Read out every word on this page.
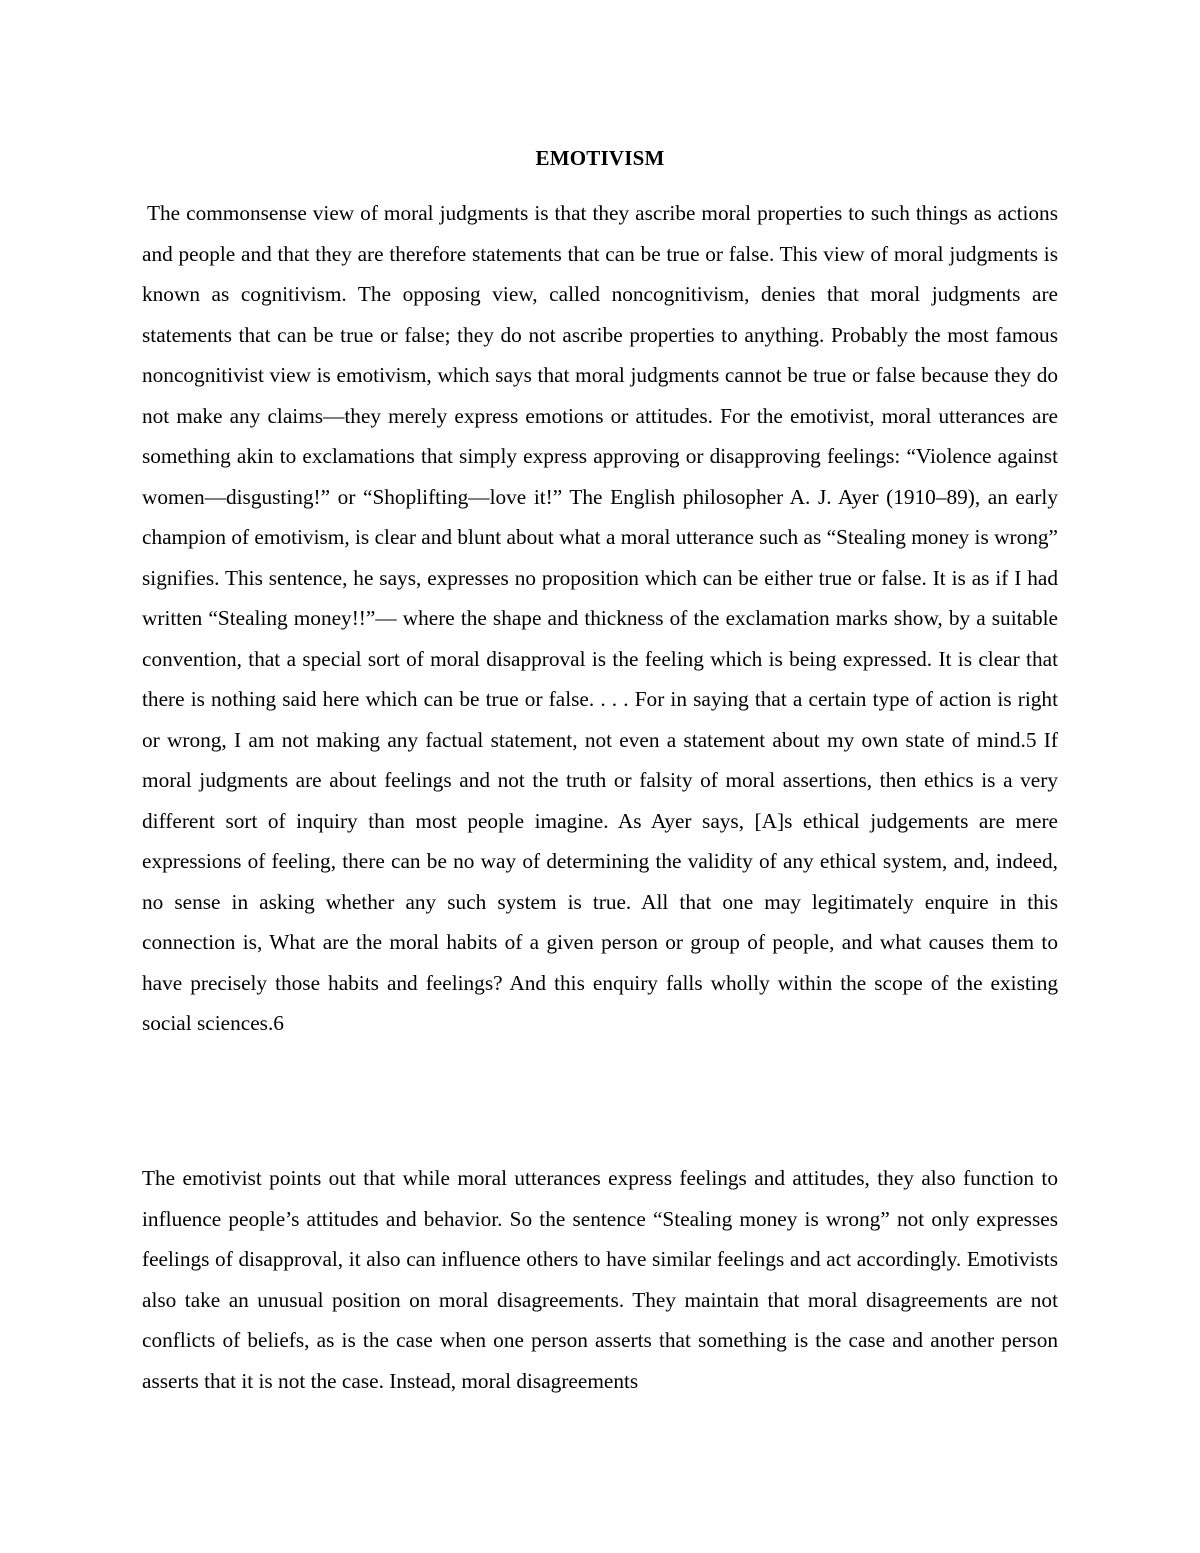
EMOTIVISM

The commonsense view of moral judgments is that they ascribe moral properties to such things as actions and people and that they are therefore statements that can be true or false. This view of moral judgments is known as cognitivism. The opposing view, called noncognitivism, denies that moral judgments are statements that can be true or false; they do not ascribe properties to anything. Probably the most famous noncognitivist view is emotivism, which says that moral judgments cannot be true or false because they do not make any claims—they merely express emotions or attitudes. For the emotivist, moral utterances are something akin to exclamations that simply express approving or disapproving feelings: “Violence against women—disgusting!” or “Shoplifting—love it!” The English philosopher A. J. Ayer (1910–89), an early champion of emotivism, is clear and blunt about what a moral utterance such as “Stealing money is wrong” signifies. This sentence, he says, expresses no proposition which can be either true or false. It is as if I had written “Stealing money!!”— where the shape and thickness of the exclamation marks show, by a suitable convention, that a special sort of moral disapproval is the feeling which is being expressed. It is clear that there is nothing said here which can be true or false. . . . For in saying that a certain type of action is right or wrong, I am not making any factual statement, not even a statement about my own state of mind.5 If moral judgments are about feelings and not the truth or falsity of moral assertions, then ethics is a very different sort of inquiry than most people imagine. As Ayer says, [A]s ethical judgements are mere expressions of feeling, there can be no way of determining the validity of any ethical system, and, indeed, no sense in asking whether any such system is true. All that one may legitimately enquire in this connection is, What are the moral habits of a given person or group of people, and what causes them to have precisely those habits and feelings? And this enquiry falls wholly within the scope of the existing social sciences.6

The emotivist points out that while moral utterances express feelings and attitudes, they also function to influence people’s attitudes and behavior. So the sentence “Stealing money is wrong” not only expresses feelings of disapproval, it also can influence others to have similar feelings and act accordingly. Emotivists also take an unusual position on moral disagreements. They maintain that moral disagreements are not conflicts of beliefs, as is the case when one person asserts that something is the case and another person asserts that it is not the case. Instead, moral disagreements
